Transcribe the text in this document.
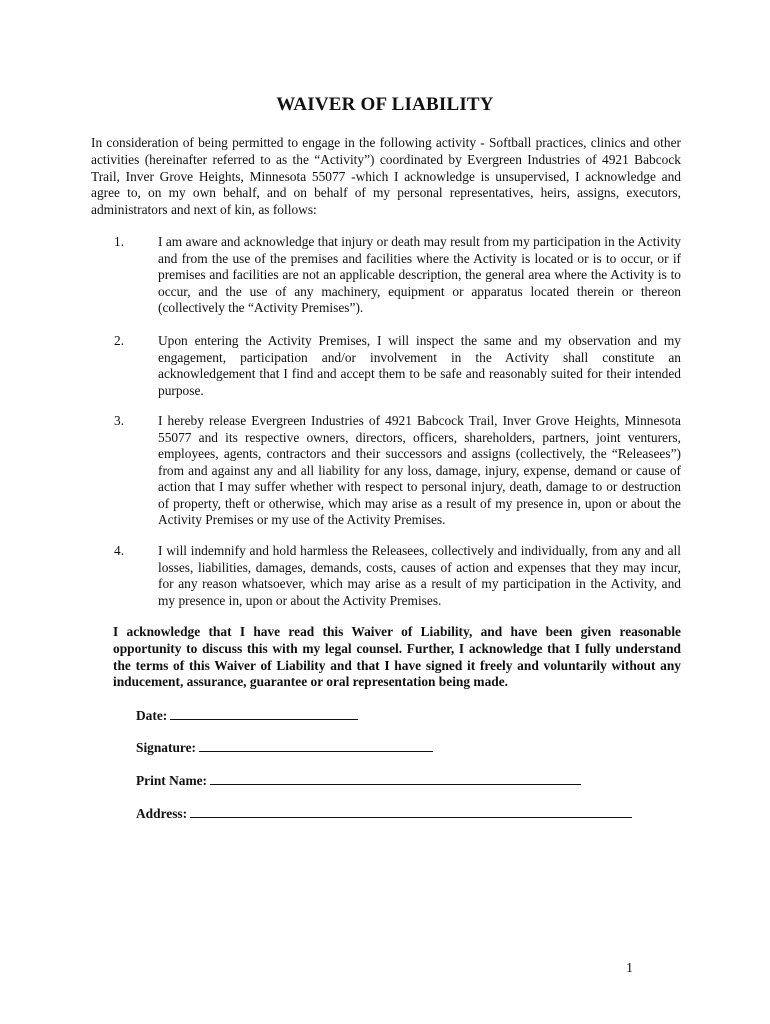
WAIVER OF LIABILITY
In consideration of being permitted to engage in the following activity - Softball practices, clinics and other activities (hereinafter referred to as the “Activity”) coordinated by Evergreen Industries of 4921 Babcock Trail, Inver Grove Heights, Minnesota 55077 -which I acknowledge is unsupervised, I acknowledge and agree to, on my own behalf, and on behalf of my personal representatives, heirs, assigns, executors, administrators and next of kin, as follows:
1.	I am aware and acknowledge that injury or death may result from my participation in the Activity and from the use of the premises and facilities where the Activity is located or is to occur, or if premises and facilities are not an applicable description, the general area where the Activity is to occur, and the use of any machinery, equipment or apparatus located therein or thereon (collectively the “Activity Premises”).
2.	Upon entering the Activity Premises, I will inspect the same and my observation and my engagement, participation and/or involvement in the Activity shall constitute an acknowledgement that I find and accept them to be safe and reasonably suited for their intended purpose.
3.	I hereby release Evergreen Industries of 4921 Babcock Trail, Inver Grove Heights, Minnesota 55077 and its respective owners, directors, officers, shareholders, partners, joint venturers, employees, agents, contractors and their successors and assigns (collectively, the “Releasees”) from and against any and all liability for any loss, damage, injury, expense, demand or cause of action that I may suffer whether with respect to personal injury, death, damage to or destruction of property, theft or otherwise, which may arise as a result of my presence in, upon or about the Activity Premises or my use of the Activity Premises.
4.	I will indemnify and hold harmless the Releasees, collectively and individually, from any and all losses, liabilities, damages, demands, costs, causes of action and expenses that they may incur, for any reason whatsoever, which may arise as a result of my participation in the Activity, and my presence in, upon or about the Activity Premises.
I acknowledge that I have read this Waiver of Liability, and have been given reasonable opportunity to discuss this with my legal counsel. Further, I acknowledge that I fully understand the terms of this Waiver of Liability and that I have signed it freely and voluntarily without any inducement, assurance, guarantee or oral representation being made.
Date:
Signature:
Print Name:
Address:
1
